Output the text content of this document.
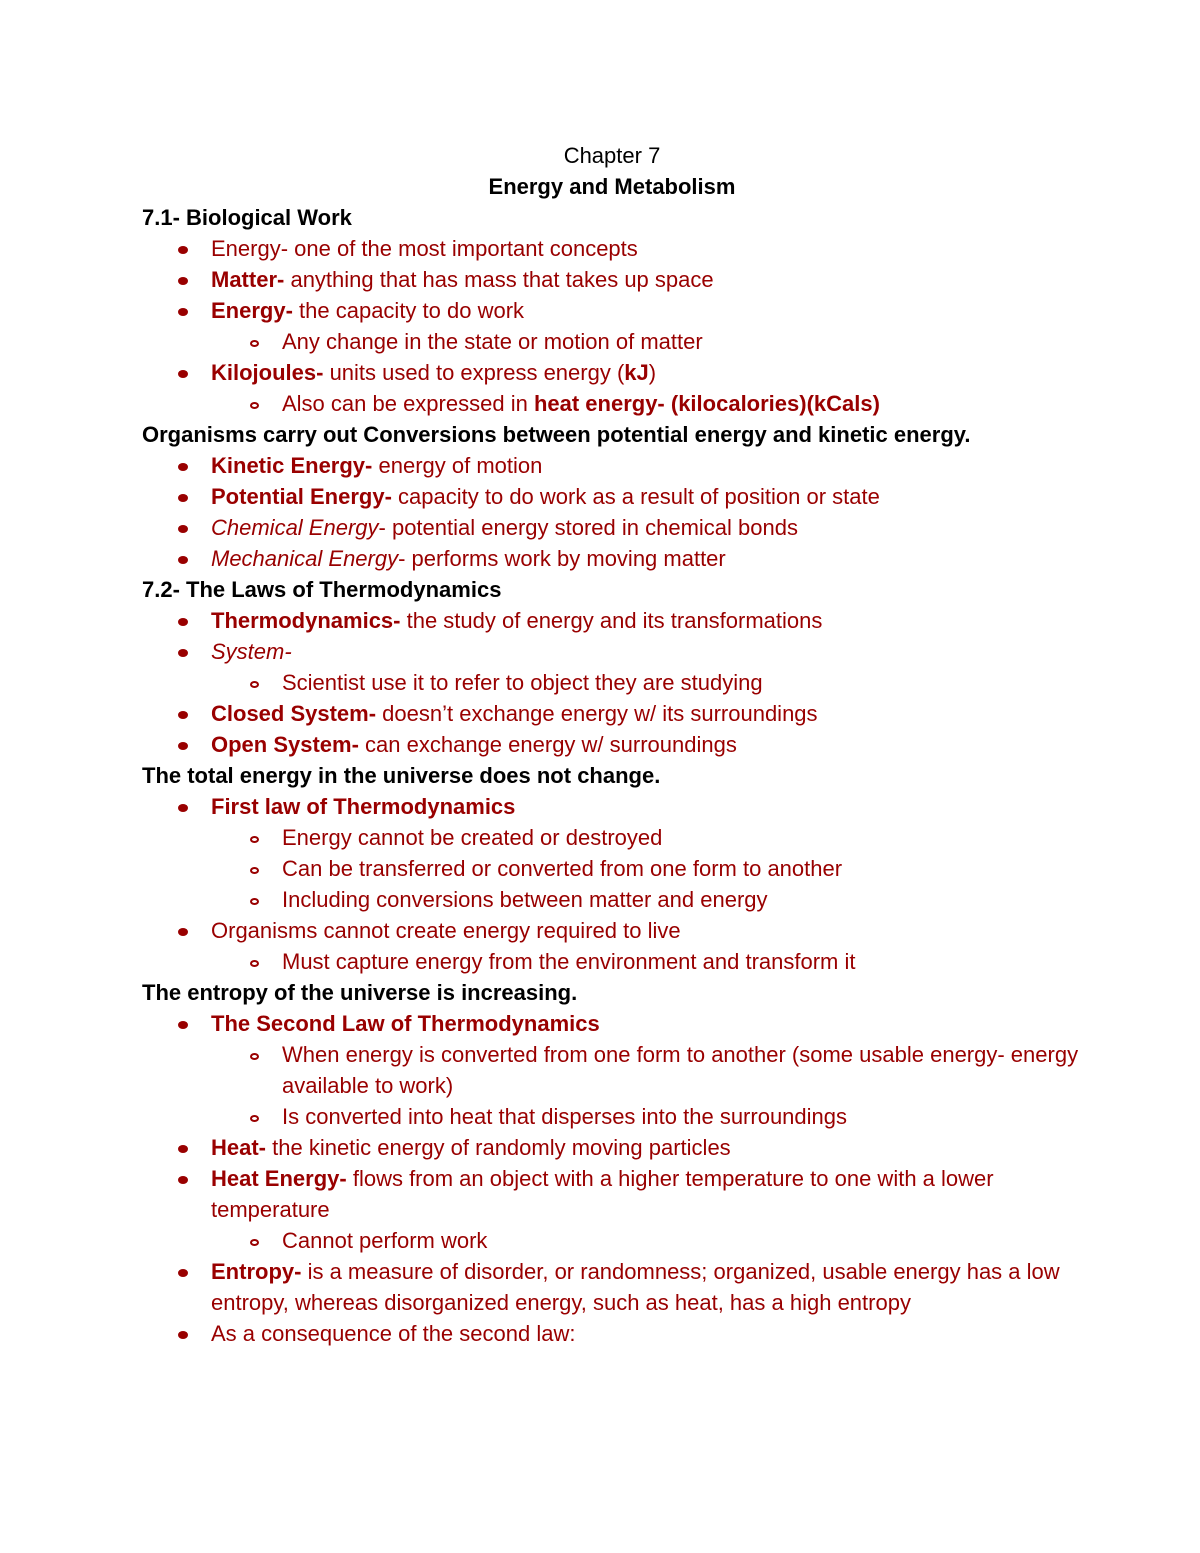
Chapter 7
Energy and Metabolism
7.1- Biological Work
Energy- one of the most important concepts
Matter- anything that has mass that takes up space
Energy- the capacity to do work
Any change in the state or motion of matter
Kilojoules- units used to express energy (kJ)
Also can be expressed in heat energy- (kilocalories)(kCals)
Organisms carry out Conversions between potential energy and kinetic energy.
Kinetic Energy- energy of motion
Potential Energy- capacity to do work as a result of position or state
Chemical Energy- potential energy stored in chemical bonds
Mechanical Energy- performs work by moving matter
7.2- The Laws of Thermodynamics
Thermodynamics- the study of energy and its transformations
System-
Scientist use it to refer to object they are studying
Closed System- doesn’t exchange energy w/ its surroundings
Open System- can exchange energy w/ surroundings
The total energy in the universe does not change.
First law of Thermodynamics
Energy cannot be created or destroyed
Can be transferred or converted from one form to another
Including conversions between matter and energy
Organisms cannot create energy required to live
Must capture energy from the environment and transform it
The entropy of the universe is increasing.
The Second Law of Thermodynamics
When energy is converted from one form to another (some usable energy- energy available to work)
Is converted into heat that disperses into the surroundings
Heat- the kinetic energy of randomly moving particles
Heat Energy- flows from an object with a higher temperature to one with a lower temperature
Cannot perform work
Entropy- is a measure of disorder, or randomness; organized, usable energy has a low entropy, whereas disorganized energy, such as heat, has a high entropy
As a consequence of the second law:
